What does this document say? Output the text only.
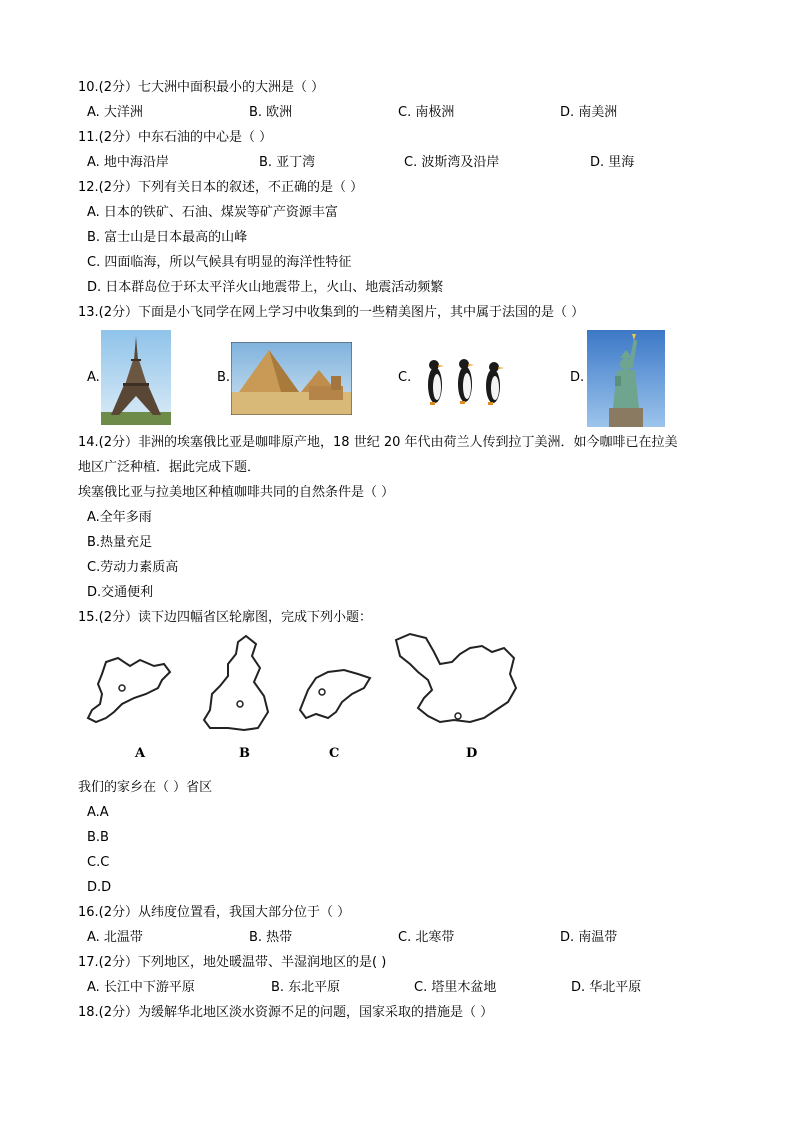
10.(2分）七大洲中面积最小的大洲是（ ）
A. 大洋洲	B. 欧洲	C. 南极洲	D. 南美洲
11.(2分）中东石油的中心是（ ）
A. 地中海沿岸	B. 亚丁湾	C. 波斯湾及沿岸	D. 里海
12.(2分）下列有关日本的叙述，不正确的是（ ）
A. 日本的铁矿、石油、煤炭等矿产资源丰富
B. 富士山是日本最高的山峰
C. 四面临海，所以气候具有明显的海洋性特征
D. 日本群岛位于环太平洋火山地震带上，火山、地震活动频繁
13.(2分）下面是小飞同学在网上学习中收集到的一些精美图片，其中属于法国的是（ ）
A.	B.	C.	D.
14.(2分）非洲的埃塞俄比亚是咖啡原产地，18 世纪 20 年代由荷兰人传到拉丁美洲．如今咖啡已在拉美
地区广泛种植．据此完成下题．
埃塞俄比亚与拉美地区种植咖啡共同的自然条件是（ ）
A.全年多雨
B.热量充足
C.劳动力素质高
D.交通便利
15.(2分）读下边四幅省区轮廓图，完成下列小题：
A	B	C	D
我们的家乡在（ ）省区
A.A
B.B
C.C
D.D
16.(2分）从纬度位置看，我国大部分位于（ ）
A. 北温带	B. 热带	C. 北寒带	D. 南温带
17.(2分）下列地区，地处暖温带、半湿润地区的是( )
A. 长江中下游平原	B. 东北平原	C. 塔里木盆地	D. 华北平原
18.(2分）为缓解华北地区淡水资源不足的问题，国家采取的措施是（ ）
